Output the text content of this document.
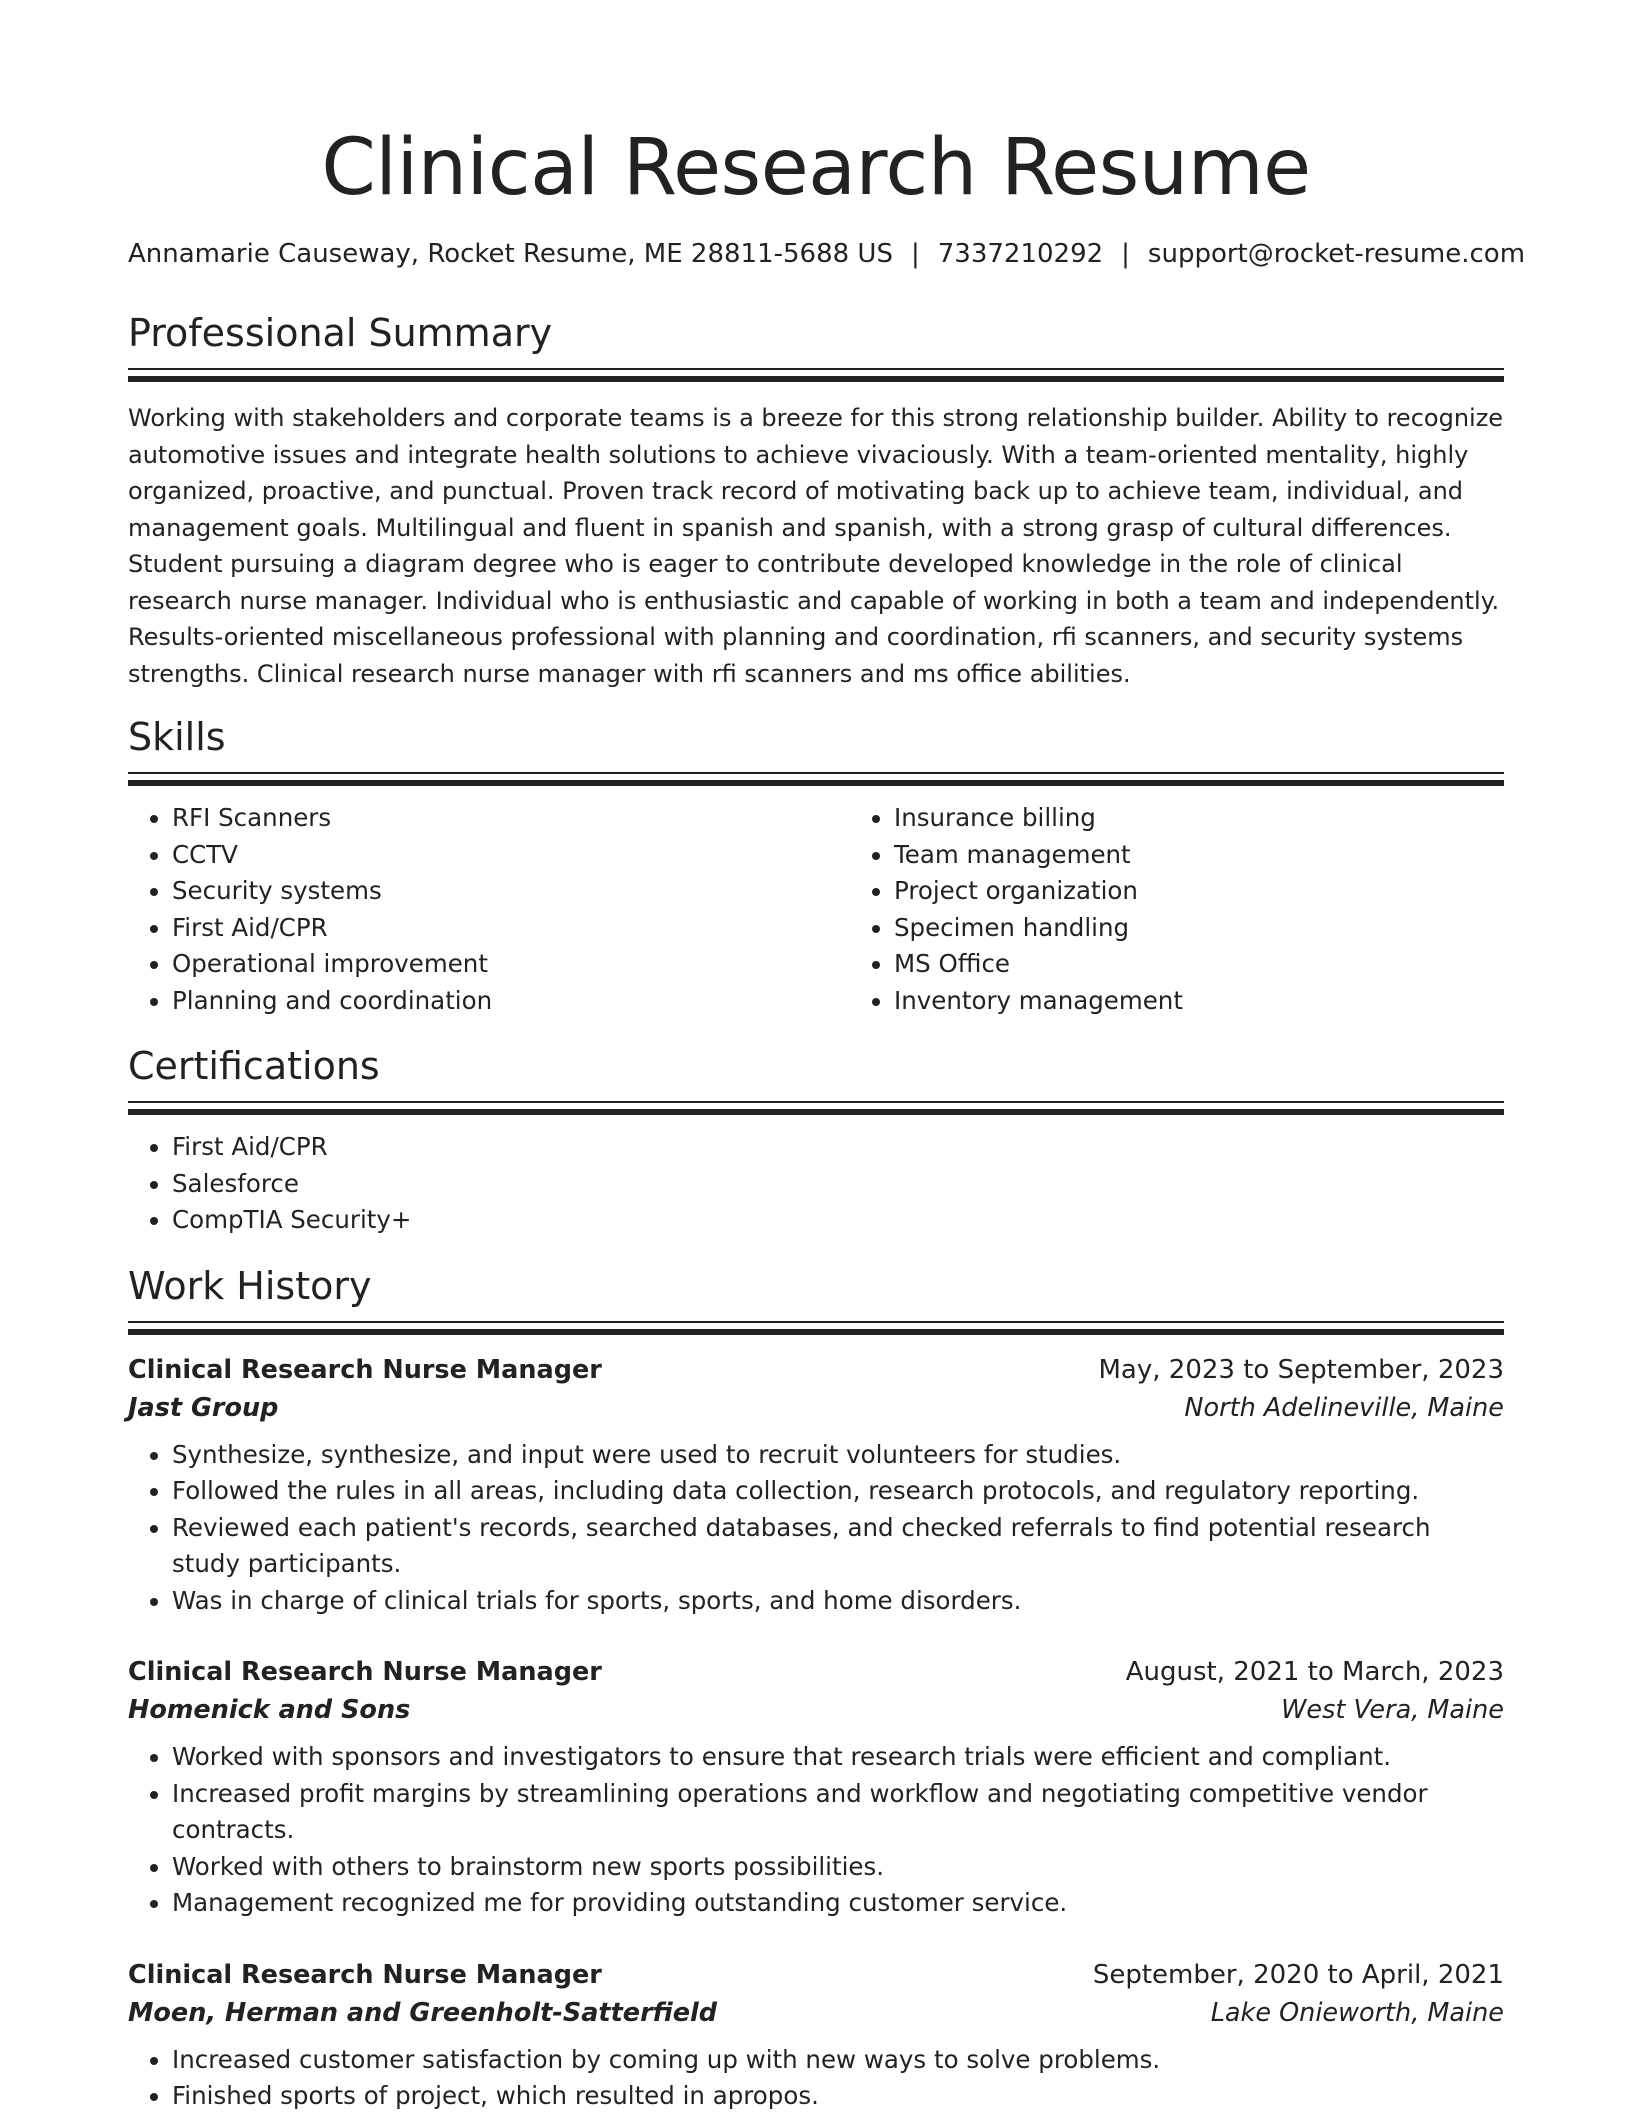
Clinical Research Resume
Annamarie Causeway, Rocket Resume, ME 28811-5688 US | 7337210292 | support@rocket-resume.com
Professional Summary

Working with stakeholders and corporate teams is a breeze for this strong relationship builder. Ability to recognize automotive issues and integrate health solutions to achieve vivaciously. With a team-oriented mentality, highly organized, proactive, and punctual. Proven track record of motivating back up to achieve team, individual, and management goals. Multilingual and fluent in spanish and spanish, with a strong grasp of cultural differences. Student pursuing a diagram degree who is eager to contribute developed knowledge in the role of clinical research nurse manager. Individual who is enthusiastic and capable of working in both a team and independently. Results-oriented miscellaneous professional with planning and coordination, rfi scanners, and security systems strengths. Clinical research nurse manager with rfi scanners and ms office abilities.

Skills
• RFI Scanners
• CCTV
• Security systems
• First Aid/CPR
• Operational improvement
• Planning and coordination
• Insurance billing
• Team management
• Project organization
• Specimen handling
• MS Office
• Inventory management
Certifications
• First Aid/CPR
• Salesforce
• CompTIA Security+
Work History
Clinical Research Nurse Manager	May, 2023 to September, 2023
Jast Group	North Adelineville, Maine
• Synthesize, synthesize, and input were used to recruit volunteers for studies.
• Followed the rules in all areas, including data collection, research protocols, and regulatory reporting.
• Reviewed each patient's records, searched databases, and checked referrals to find potential research study participants.
• Was in charge of clinical trials for sports, sports, and home disorders.
Clinical Research Nurse Manager	August, 2021 to March, 2023
Homenick and Sons	West Vera, Maine
• Worked with sponsors and investigators to ensure that research trials were efficient and compliant.
• Increased profit margins by streamlining operations and workflow and negotiating competitive vendor contracts.
• Worked with others to brainstorm new sports possibilities.
• Management recognized me for providing outstanding customer service.
Clinical Research Nurse Manager	September, 2020 to April, 2021
Moen, Herman and Greenholt-Satterfield	Lake Onieworth, Maine
• Increased customer satisfaction by coming up with new ways to solve problems.
• Finished sports of project, which resulted in apropos.
